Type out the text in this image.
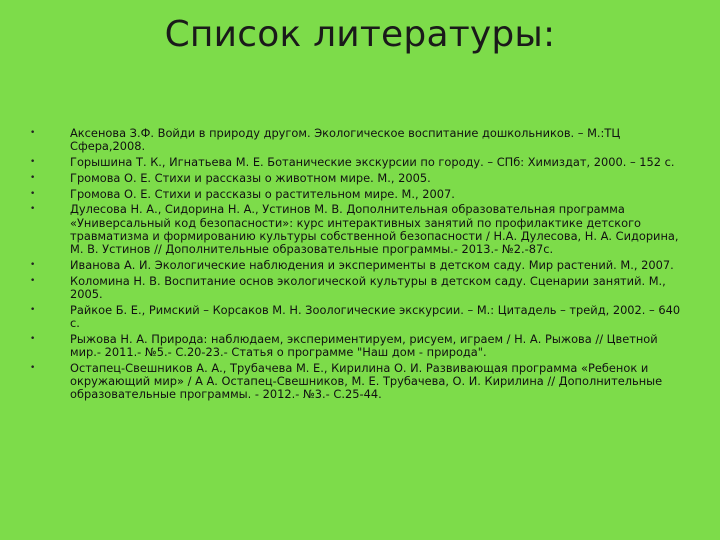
Список литературы:
•	Аксенова З.Ф. Войди в природу другом. Экологическое воспитание дошкольников. – М.:ТЦ Сфера,2008.
•	Горышина Т. К., Игнатьева М. Е. Ботанические экскурсии по городу. – СПб: Химиздат, 2000. – 152 с.
•	Громова О. Е. Стихи и рассказы о животном мире. М., 2005.
•	Громова О. Е. Стихи и рассказы о растительном мире. М., 2007.
•	Дулесова Н. А., Сидорина Н. А., Устинов М. В. Дополнительная образовательная программа «Универсальный код безопасности»: курс интерактивных занятий по профилактике детского травматизма и формированию культуры собственной безопасности / Н.А. Дулесова, Н. А. Сидорина, М. В. Устинов // Дополнительные образовательные программы.- 2013.- №2.-87с.
•	Иванова А. И. Экологические наблюдения и эксперименты в детском саду. Мир растений. М., 2007.
•	Коломина Н. В. Воспитание основ экологической культуры в детском саду. Сценарии занятий. М., 2005.
•	Райкое Б. Е., Римский – Корсаков М. Н. Зоологические экскурсии. – М.: Цитадель – трейд, 2002. – 640 с.
•	Рыжова Н. А. Природа: наблюдаем, экспериментируем, рисуем, играем / Н. А. Рыжова // Цветной мир.- 2011.- №5.- С.20-23.- Статья о программе "Наш дом - природа".
•	Остапец-Свешников А. А., Трубачева М. Е., Кирилина О. И. Развивающая программа «Ребенок и окружающий мир» / А А. Остапец-Свешников, М. Е. Трубачева, О. И. Кирилина // Дополнительные образовательные программы. - 2012.- №3.- С.25-44.
